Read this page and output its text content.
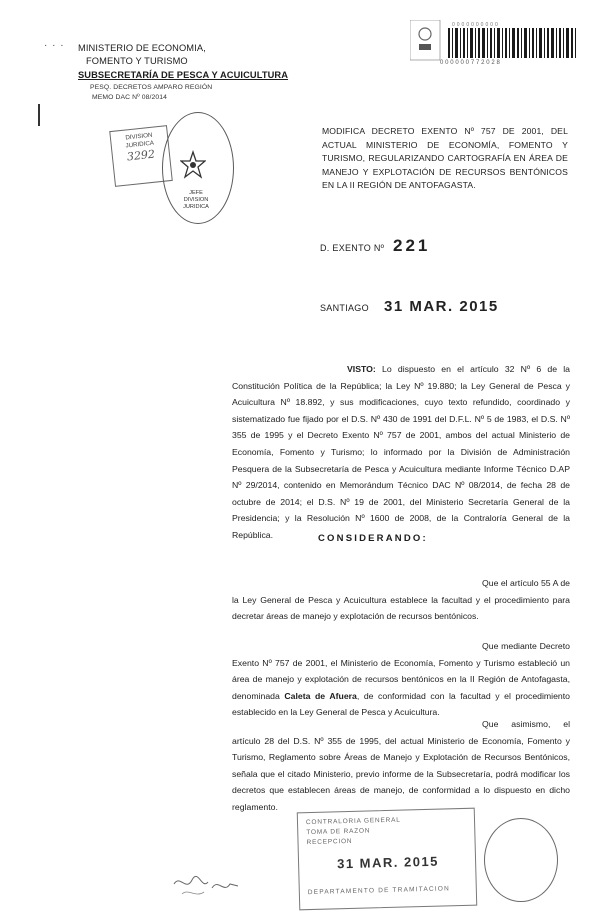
· · · MINISTERIO DE ECONOMIA,
FOMENTO Y TURISMO
SUBSECRETARÍA DE PESCA Y ACUICULTURA
PESQ. DECRETOS AMPARO REGIÓN
MEMO DAC Nº 08/2014
DIVISION
JURIDICA
3292
JEFE DIVISION JURIDICA
0000000000
000000772028
MODIFICA DECRETO EXENTO Nº 757 DE 2001, DEL ACTUAL MINISTERIO DE ECONOMÍA, FOMENTO Y TURISMO, REGULARIZANDO CARTOGRAFÍA EN ÁREA DE MANEJO Y EXPLOTACIÓN DE RECURSOS BENTÓNICOS EN LA II REGIÓN DE ANTOFAGASTA.
D. EXENTO Nº 221
SANTIAGO 31 MAR. 2015
VISTO: Lo dispuesto en el artículo 32 Nº 6 de la Constitución Política de la República; la Ley Nº 19.880; la Ley General de Pesca y Acuicultura Nº 18.892, y sus modificaciones, cuyo texto refundido, coordinado y sistematizado fue fijado por el D.S. Nº 430 de 1991 del D.F.L. Nº 5 de 1983, el D.S. Nº 355 de 1995 y el Decreto Exento Nº 757 de 2001, ambos del actual Ministerio de Economía, Fomento y Turismo; lo informado por la División de Administración Pesquera de la Subsecretaría de Pesca y Acuicultura mediante Informe Técnico D.AP Nº 29/2014, contenido en Memorándum Técnico DAC Nº 08/2014, de fecha 28 de octubre de 2014; el D.S. Nº 19 de 2001, del Ministerio Secretaría General de la Presidencia; y la Resolución Nº 1600 de 2008, de la Contraloría General de la República.	CONSIDERANDO:
Que el artículo 55 A de la Ley General de Pesca y Acuicultura establece la facultad y el procedimiento para decretar áreas de manejo y explotación de recursos bentónicos.
Que mediante Decreto Exento Nº 757 de 2001, el Ministerio de Economía, Fomento y Turismo estableció un área de manejo y explotación de recursos bentónicos en la II Región de Antofagasta, denominada Caleta de Afuera, de conformidad con la facultad y el procedimiento establecido en la Ley General de Pesca y Acuicultura.
Que asimismo, el artículo 28 del D.S. Nº 355 de 1995, del actual Ministerio de Economía, Fomento y Turismo, Reglamento sobre Áreas de Manejo y Explotación de Recursos Bentónicos, señala que el citado Ministerio, previo informe de la Subsecretaría, podrá modificar los decretos que establecen áreas de manejo, de conformidad a lo dispuesto en dicho reglamento.
CONTRALORIA GENERAL
TOMA DE RAZON
RECEPCION
31 MAR. 2015
DEPARTAMENTO DE TRAMITACION
